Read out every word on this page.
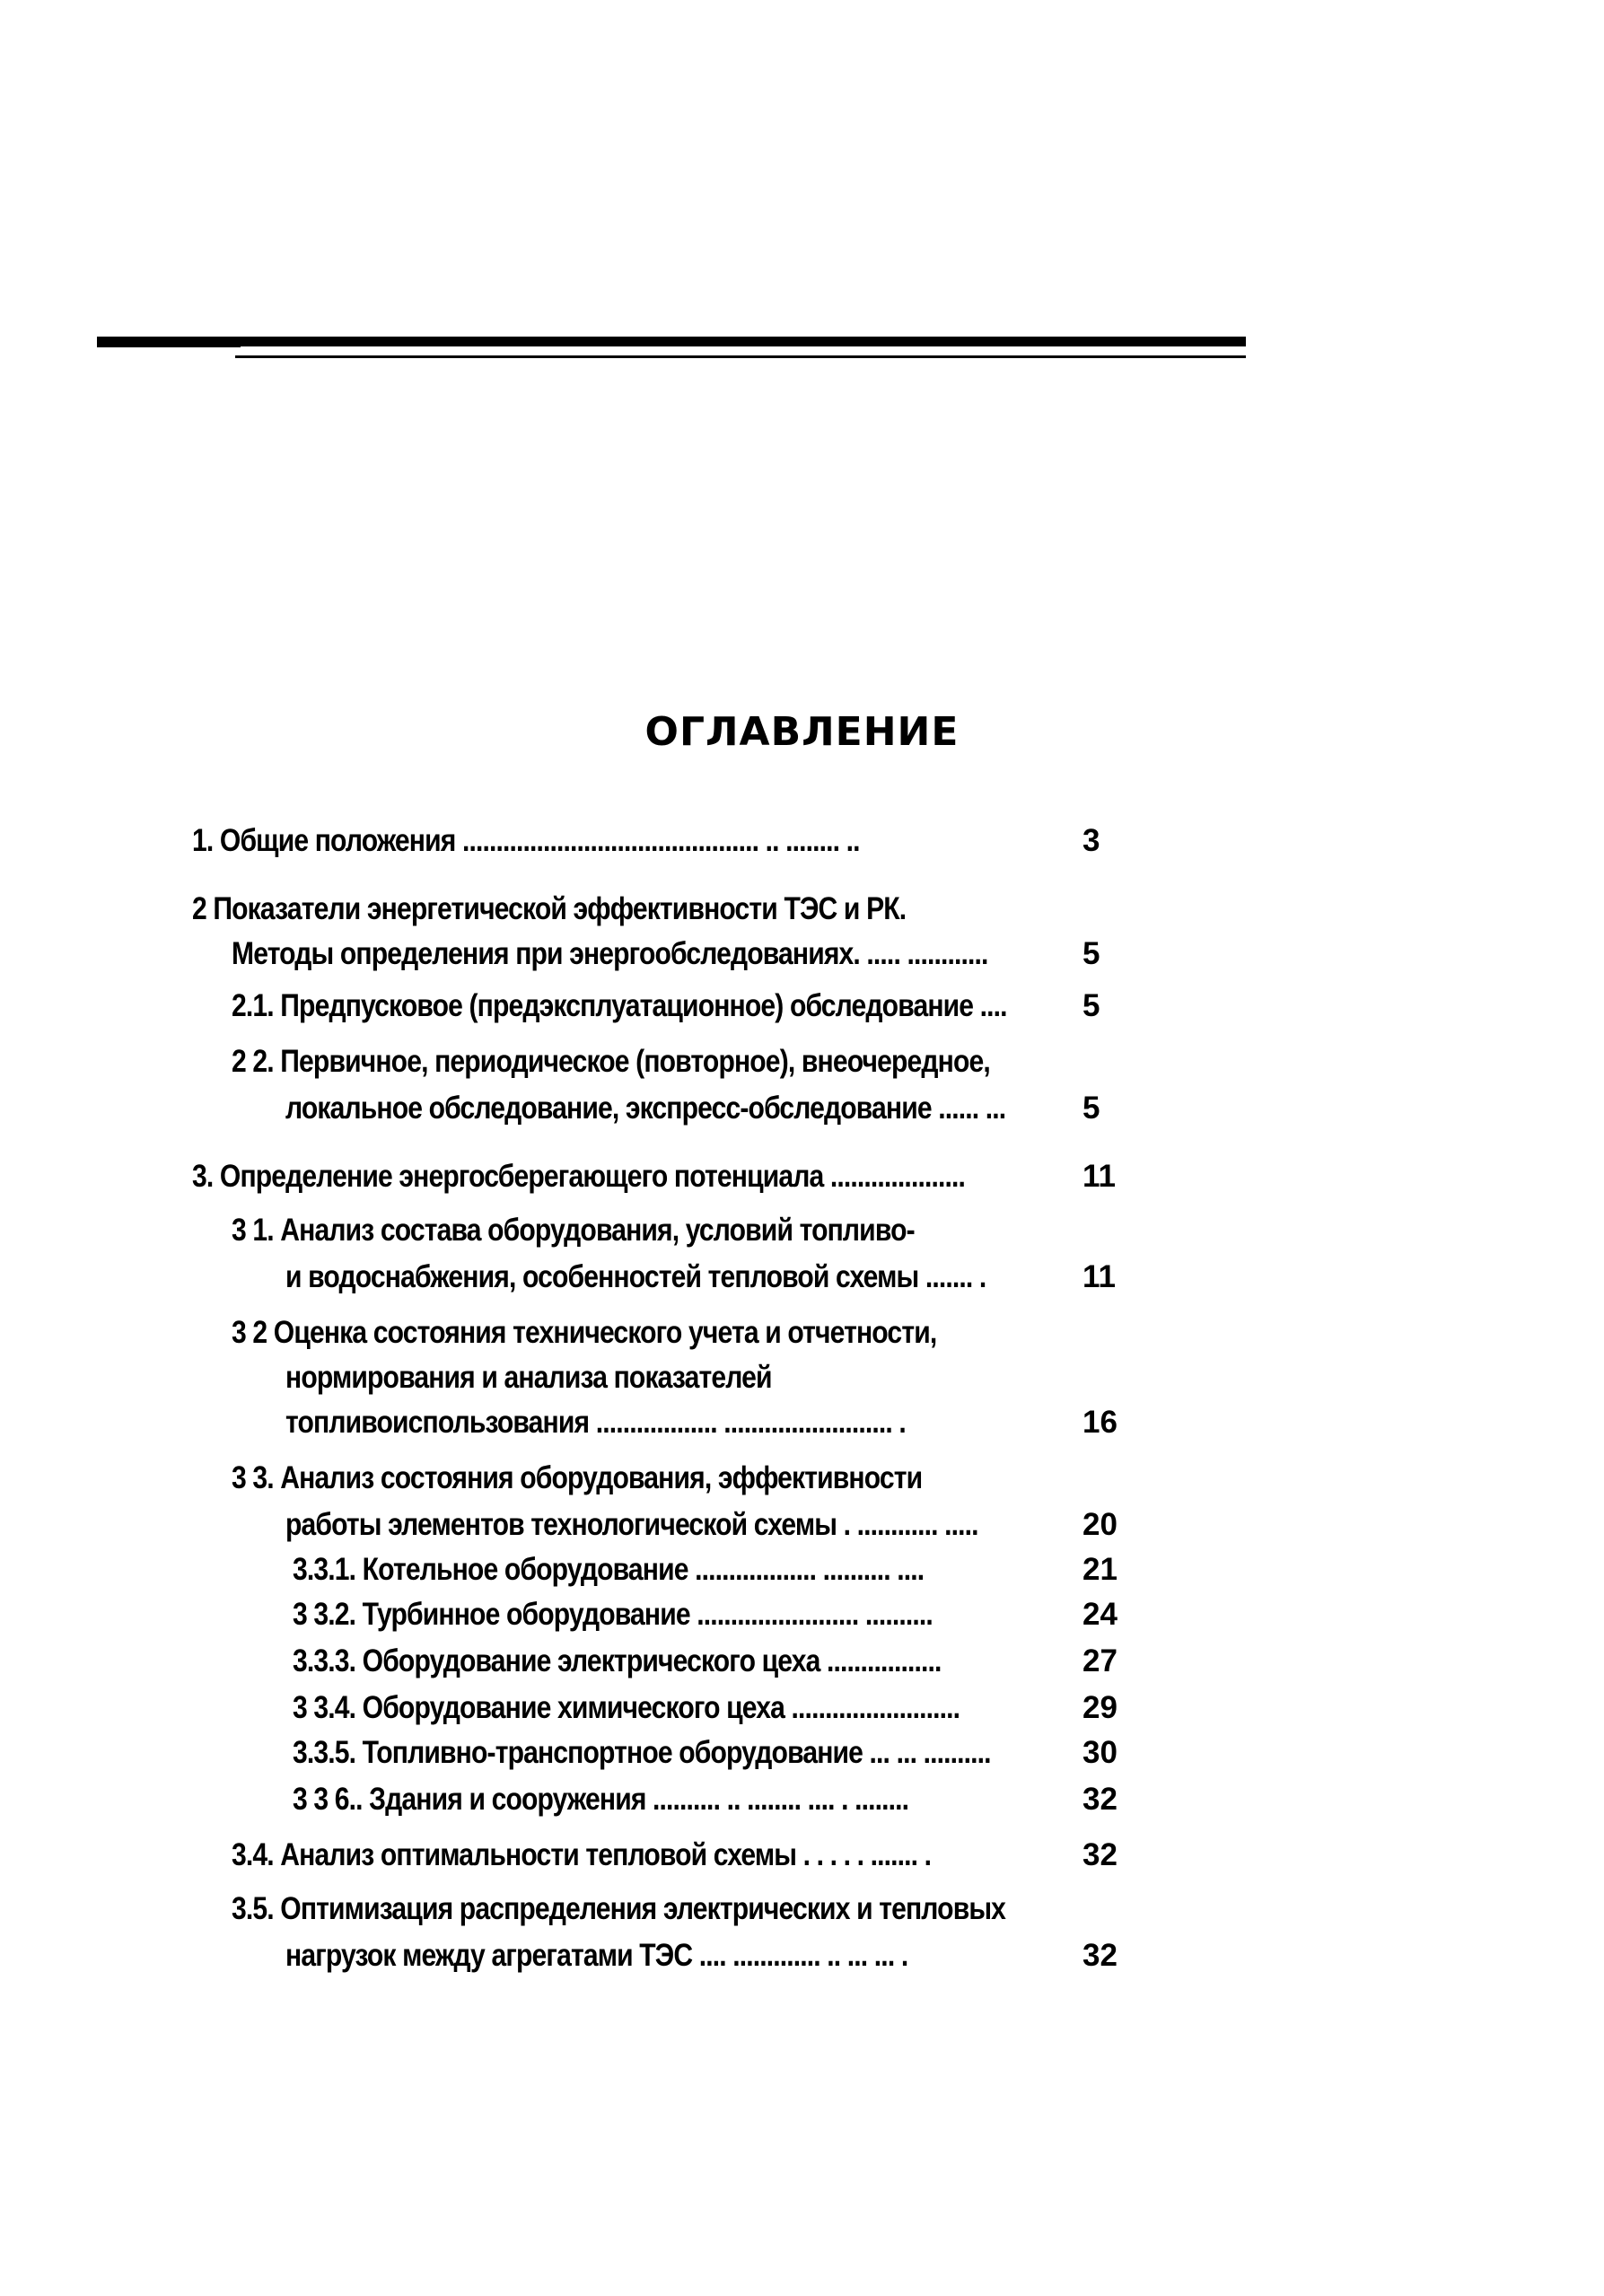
ОГЛАВЛЕНИЕ
1. Общие положения ............................................ .. ........ ..	3
2 Показатели энергетической эффективности ТЭС и РК.
Методы определения при энергообследованиях. ..... ............	5
2.1. Предпусковое (предэксплуатационное) обследование ....	5
2 2. Первичное, периодическое (повторное), внеочередное,
локальное обследование, экспресс-обследование ...... ...	5
3. Определение энергосберегающего потенциала ....................	11
3 1. Анализ состава оборудования, условий топливо-
и водоснабжения, особенностей тепловой схемы ....... .	11
3 2 Оценка состояния технического учета и отчетности,
нормирования и анализа показателей
топливоиспользования .................. ......................... .	16
3 3. Анализ состояния оборудования, эффективности
работы элементов технологической схемы . ............ .....	20
3.3.1. Котельное оборудование .................. .......... ....	21
3 3.2. Турбинное оборудование ........................ ..........	24
3.3.3. Оборудование электрического цеха .................	27
3 3.4. Оборудование химического цеха .........................	29
3.3.5. Топливно-транспортное оборудование ... ... ..........	30
3 3 6.. Здания и сооружения .......... .. ........ .... . ........	32
3.4. Анализ оптимальности тепловой схемы . . . . . ....... .	32
3.5. Оптимизация распределения электрических и тепловых
нагрузок между агрегатами ТЭС .... ............. .. ... ... .	32
